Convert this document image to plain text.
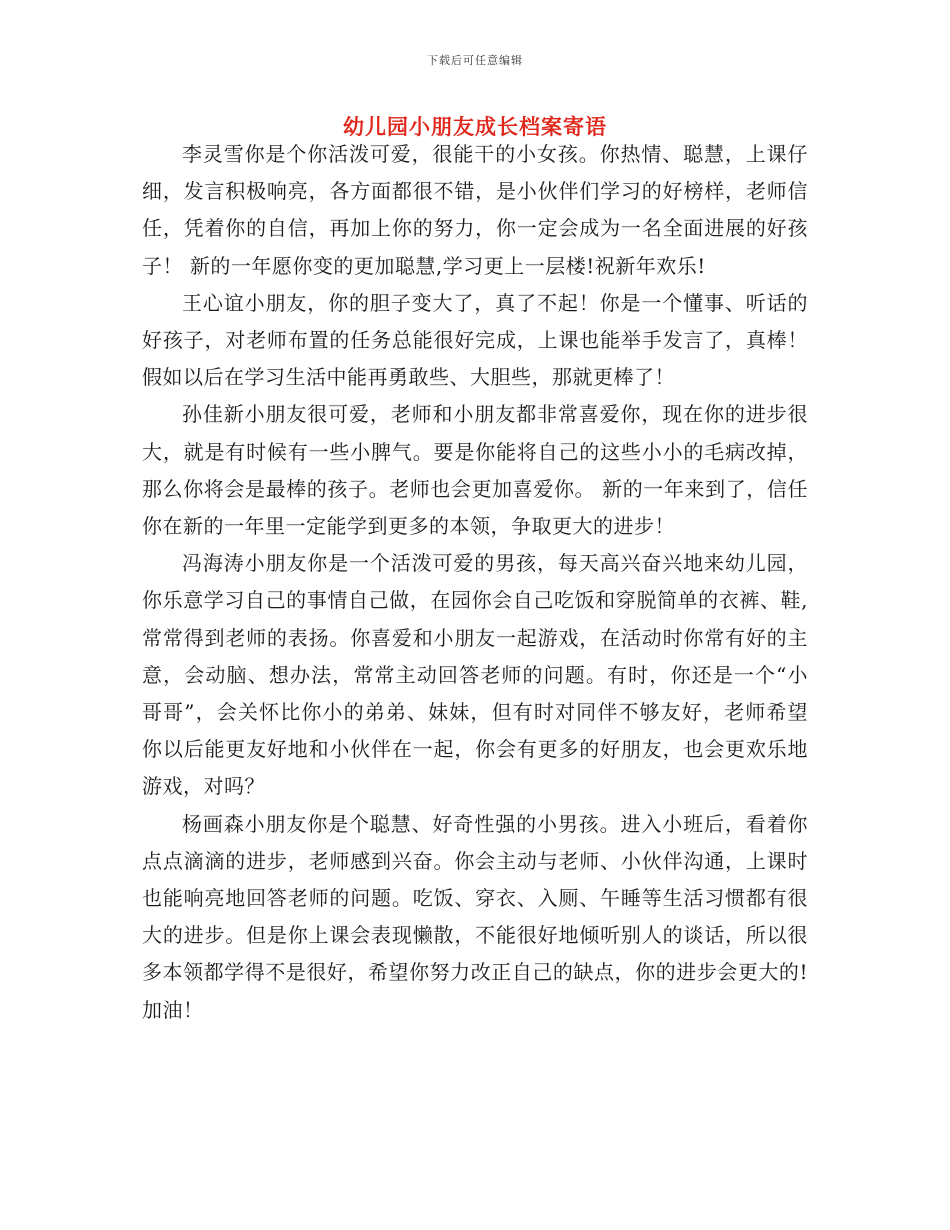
下载后可任意编辑
幼儿园小朋友成长档案寄语

李灵雪你是个你活泼可爱，很能干的小女孩。你热情、聪慧，上课仔细，发言积极响亮，各方面都很不错，是小伙伴们学习的好榜样，老师信任，凭着你的自信，再加上你的努力，你一定会成为一名全面进展的好孩子！ 新的一年愿你变的更加聪慧,学习更上一层楼!祝新年欢乐!

王心谊小朋友，你的胆子变大了，真了不起！你是一个懂事、听话的好孩子，对老师布置的任务总能很好完成，上课也能举手发言了，真棒！假如以后在学习生活中能再勇敢些、大胆些，那就更棒了！

孙佳新小朋友很可爱，老师和小朋友都非常喜爱你，现在你的进步很大，就是有时候有一些小脾气。要是你能将自己的这些小小的毛病改掉，那么你将会是最棒的孩子。老师也会更加喜爱你。 新的一年来到了，信任你在新的一年里一定能学到更多的本领，争取更大的进步！

冯海涛小朋友你是一个活泼可爱的男孩，每天高兴奋兴地来幼儿园，你乐意学习自己的事情自己做，在园你会自己吃饭和穿脱简单的衣裤、鞋,常常得到老师的表扬。你喜爱和小朋友一起游戏，在活动时你常有好的主意，会动脑、想办法，常常主动回答老师的问题。有时，你还是一个“小哥哥”，会关怀比你小的弟弟、妹妹，但有时对同伴不够友好，老师希望你以后能更友好地和小伙伴在一起，你会有更多的好朋友，也会更欢乐地游戏，对吗？

杨画森小朋友你是个聪慧、好奇性强的小男孩。进入小班后，看着你点点滴滴的进步，老师感到兴奋。你会主动与老师、小伙伴沟通，上课时也能响亮地回答老师的问题。吃饭、穿衣、入厕、午睡等生活习惯都有很大的进步。但是你上课会表现懒散，不能很好地倾听别人的谈话，所以很多本领都学得不是很好，希望你努力改正自己的缺点，你的进步会更大的!加油！
